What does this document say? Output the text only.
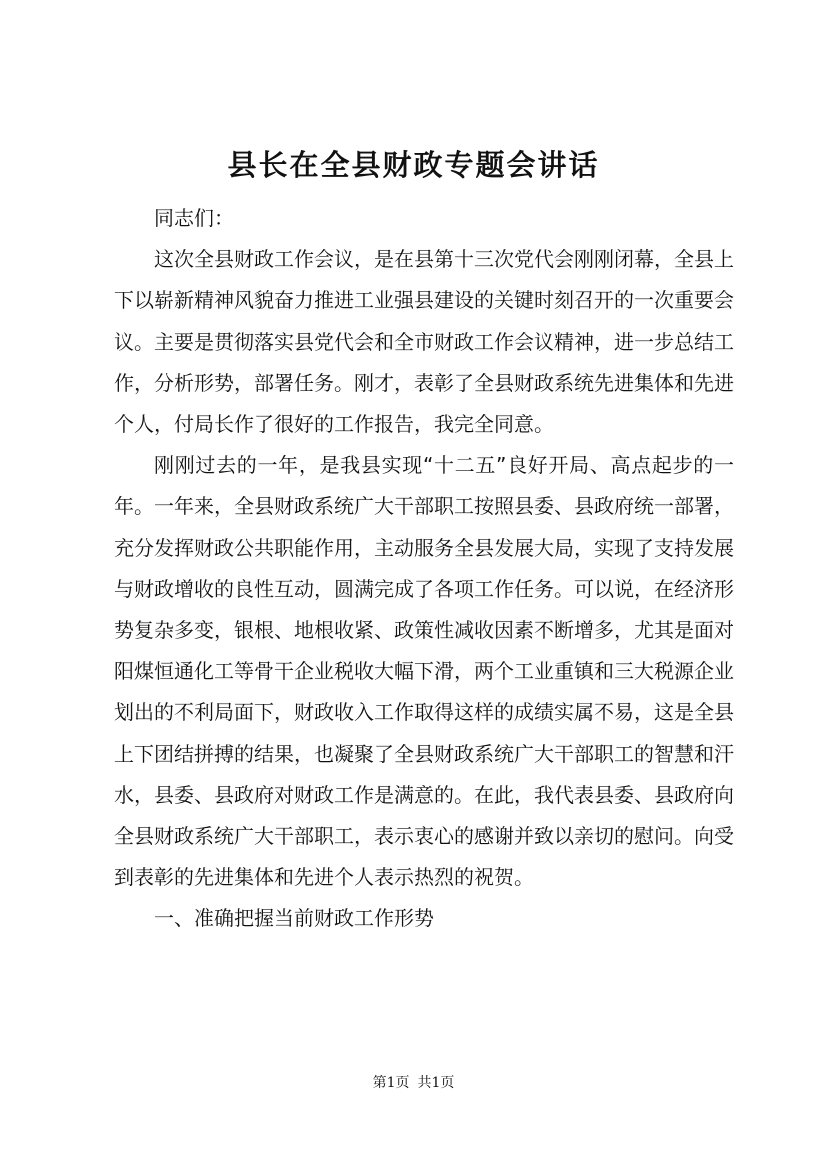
县长在全县财政专题会讲话

同志们：

这次全县财政工作会议，是在县第十三次党代会刚刚闭幕，全县上下以崭新精神风貌奋力推进工业强县建设的关键时刻召开的一次重要会议。主要是贯彻落实县党代会和全市财政工作会议精神，进一步总结工作，分析形势，部署任务。刚才，表彰了全县财政系统先进集体和先进个人，付局长作了很好的工作报告，我完全同意。

刚刚过去的一年，是我县实现“十二五”良好开局、高点起步的一年。一年来，全县财政系统广大干部职工按照县委、县政府统一部署，充分发挥财政公共职能作用，主动服务全县发展大局，实现了支持发展与财政增收的良性互动，圆满完成了各项工作任务。可以说，在经济形势复杂多变，银根、地根收紧、政策性减收因素不断增多，尤其是面对阳煤恒通化工等骨干企业税收大幅下滑，两个工业重镇和三大税源企业划出的不利局面下，财政收入工作取得这样的成绩实属不易，这是全县上下团结拼搏的结果，也凝聚了全县财政系统广大干部职工的智慧和汗水，县委、县政府对财政工作是满意的。在此，我代表县委、县政府向全县财政系统广大干部职工，表示衷心的感谢并致以亲切的慰问。向受到表彰的先进集体和先进个人表示热烈的祝贺。

一、准确把握当前财政工作形势

第1页 共1页
